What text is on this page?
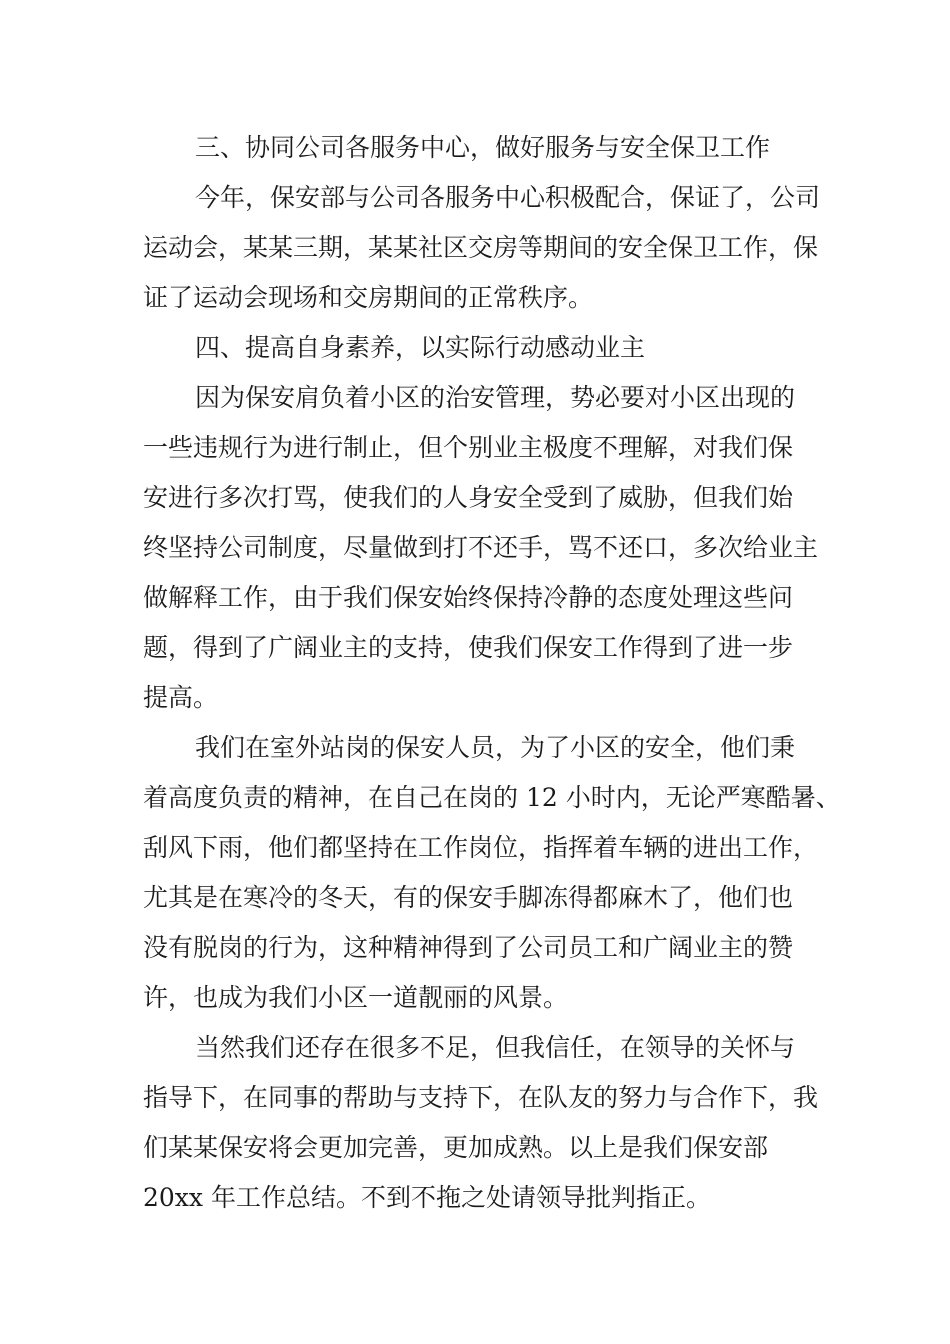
三、协同公司各服务中心，做好服务与安全保卫工作

今年，保安部与公司各服务中心积极配合，保证了，公司

运动会，某某三期，某某社区交房等期间的安全保卫工作，保

证了运动会现场和交房期间的正常秩序。

四、提高自身素养，以实际行动感动业主

因为保安肩负着小区的治安管理，势必要对小区出现的

一些违规行为进行制止，但个别业主极度不理解，对我们保

安进行多次打骂，使我们的人身安全受到了威胁，但我们始

终坚持公司制度，尽量做到打不还手，骂不还口，多次给业主

做解释工作，由于我们保安始终保持冷静的态度处理这些问

题，得到了广阔业主的支持，使我们保安工作得到了进一步

提高。

我们在室外站岗的保安人员，为了小区的安全，他们秉

着高度负责的精神，在自己在岗的 12 小时内，无论严寒酷暑、

刮风下雨，他们都坚持在工作岗位，指挥着车辆的进出工作，

尤其是在寒冷的冬天，有的保安手脚冻得都麻木了，他们也

没有脱岗的行为，这种精神得到了公司员工和广阔业主的赞

许，也成为我们小区一道靓丽的风景。

当然我们还存在很多不足，但我信任，在领导的关怀与

指导下，在同事的帮助与支持下，在队友的努力与合作下，我

们某某保安将会更加完善，更加成熟。以上是我们保安部

20xx 年工作总结。不到不拖之处请领导批判指正。
